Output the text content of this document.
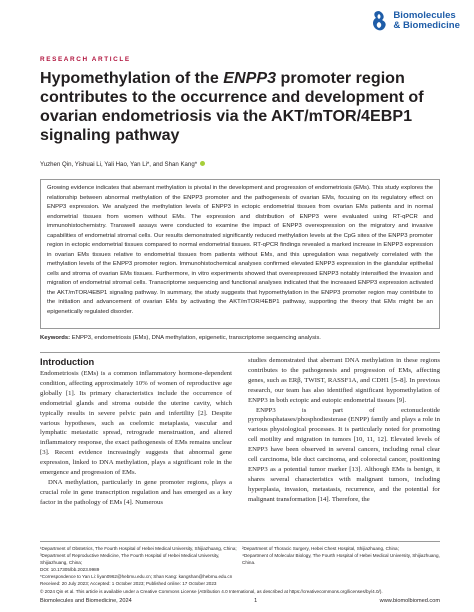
Biomolecules
& Biomedicine
RESEARCH ARTICLE
Hypomethylation of the ENPP3 promoter region contributes to the occurrence and development of ovarian endometriosis via the AKT/mTOR/4EBP1 signaling pathway
Yuzhen Qin, Yishuai Li, Yali Hao, Yan Li*, and Shan Kang*

Growing evidence indicates that aberrant methylation is pivotal in the development and progression of endometriosis (EMs). This study explores the relationship between abnormal methylation of the ENPP3 promoter and the pathogenesis of ovarian EMs, focusing on its regulatory effect on ENPP3 expression. We analyzed the methylation levels of ENPP3 in ectopic endometrial tissues from ovarian EMs patients and in normal endometrial tissues from women without EMs. The expression and distribution of ENPP3 were evaluated using RT-qPCR and immunohistochemistry. Transwell assays were conducted to examine the impact of ENPP3 overexpression on the migratory and invasive capabilities of endometrial stromal cells. Our results demonstrated significantly reduced methylation levels at the CpG sites of the ENPP3 promoter region in ectopic endometrial tissues compared to normal endometrial tissues. RT-qPCR findings revealed a marked increase in ENPP3 expression in ovarian EMs tissues relative to endometrial tissues from patients without EMs, and this upregulation was negatively correlated with the methylation levels of the ENPP3 promoter region. Immunohistochemical analyses confirmed elevated ENPP3 expression in the glandular epithelial cells and stroma of ovarian EMs tissues. Furthermore, in vitro experiments showed that overexpressed ENPP3 notably intensified the invasion and migration of endometrial stromal cells. Transcriptome sequencing and functional analyses indicated that the increased ENPP3 expression activated the AKT/mTOR/4EBP1 signaling pathway. In summary, the study suggests that hypomethylation in the ENPP3 promoter region may contribute to the initiation and advancement of ovarian EMs by activating the AKT/mTOR/4EBP1 pathway, supporting the theory that EMs might be an epigenetically regulated disorder.

Keywords: ENPP3, endometriosis (EMs), DNA methylation, epigenetic, transcriptome sequencing analysis.
Introduction

Endometriosis (EMs) is a common inflammatory hormone-dependent condition, affecting approximately 10% of women of reproductive age globally [1]. Its primary characteristics include the occurrence of endometrial glands and stroma outside the uterine cavity, which typically results in severe pelvic pain and infertility [2]. Despite various hypotheses, such as coelomic metaplasia, vascular and lymphatic metastatic spread, retrograde menstruation, and altered inflammatory response, the exact pathogenesis of EMs remains unclear [3]. Recent evidence increasingly suggests that abnormal gene expression, linked to DNA methylation, plays a significant role in the emergence and progression of EMs.

DNA methylation, particularly in gene promoter regions, plays a crucial role in gene transcription regulation and has emerged as a key factor in the pathology of EMs [4]. Numerous

studies demonstrated that aberrant DNA methylation in these regions contributes to the pathogenesis and progression of EMs, affecting genes, such as ERβ, TWIST, RASSF1A, and CDH1 [5–8]. In previous research, our team has also identified significant hypomethylation of ENPP3 in both ectopic and eutopic endometrial tissues [9].

ENPP3 is part of ectonucleotide pyrophosphatases/phosphodiesterase (ENPP) family and plays a role in various physiological processes. It is particularly noted for promoting cell motility and migration in tumors [10, 11, 12]. Elevated levels of ENPP3 have been observed in several cancers, including renal clear cell carcinoma, bile duct carcinoma, and colorectal cancer, positioning ENPP3 as a potential tumor marker [13]. Although EMs is benign, it shares several characteristics with malignant tumors, including hyperplasia, invasion, metastasis, recurrence, and the potential for malignant transformation [14]. Therefore, the

¹Department of Obstetrics, The Fourth Hospital of Hebei Medical University, Shijiazhuang, China; ²Department of Thoracic Surgery, Hebei Chest Hospital, Shijiazhuang, China;
³Department of Reproductive Medicine, The Fourth Hospital of Hebei Medical University, Shijiazhuang, China;
⁴Department of Molecular Biology, The Fourth Hospital of Hebei Medical University, Shijiazhuang, China.
DOI: 10.17305/bb.2023.9989
*Correspondence to Yan Li: liyan0962@hebmu.edu.cn; Shan Kang: kangshan@hebmu.edu.cn
Received: 20 July 2023; Accepted: 1 October 2023; Published online: 17 October 2023
© 2024 Qin et al. This article is available under a Creative Commons License (Attribution 4.0 International, as described at https://creativecommons.org/licenses/by/4.0/).
Biomolecules and Biomedicine, 2024	1	www.biomolbiomed.com
